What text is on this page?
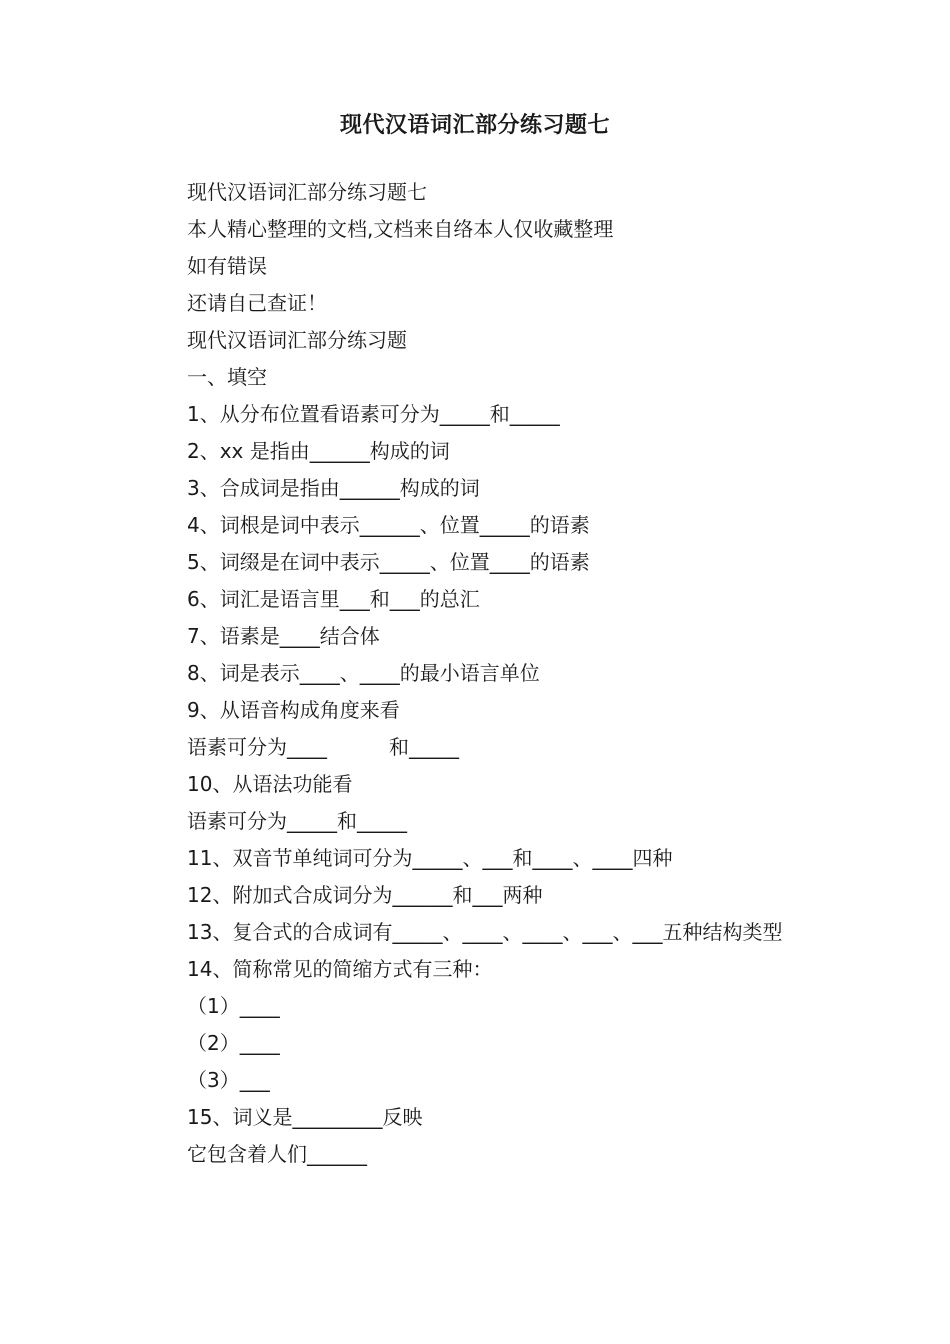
现代汉语词汇部分练习题七

现代汉语词汇部分练习题七

本人精心整理的文档,文档来自络本人仅收藏整理

如有错误

还请自己查证！

现代汉语词汇部分练习题

一、填空

1、从分布位置看语素可分为_____和_____

2、xx 是指由______构成的词

3、合成词是指由______构成的词

4、词根是词中表示______、位置_____的语素

5、词缀是在词中表示_____、位置____的语素

6、词汇是语言里___和___的总汇

7、语素是____结合体

8、词是表示____、____的最小语言单位

9、从语音构成角度来看

语素可分为____	和_____

10、从语法功能看

语素可分为_____和_____

11、双音节单纯词可分为_____、___和____、____四种

12、附加式合成词分为______和___两种

13、复合式的合成词有_____、____、____、___、___五种结构类型

14、简称常见的简缩方式有三种：

（1）____

（2）____

（3）___

15、词义是_________反映

它包含着人们______
